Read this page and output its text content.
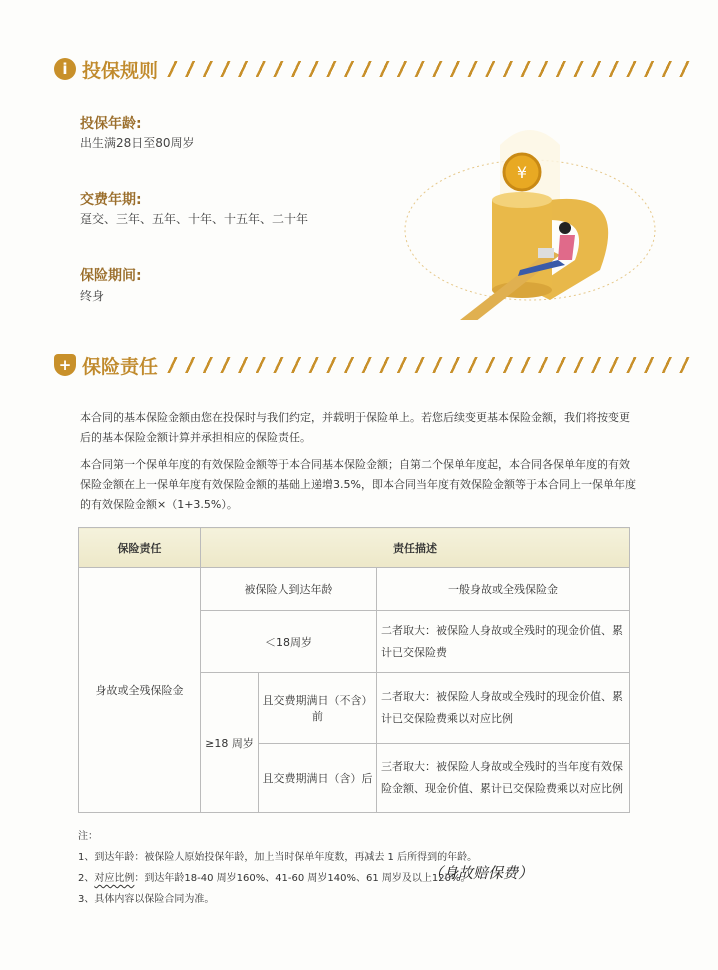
i 投保规则
投保年龄:
出生满28日至80周岁
交费年期:
趸交、三年、五年、十年、十五年、二十年
保险期间:
终身
¥
+ 保险责任
本合同的基本保险金额由您在投保时与我们约定，并载明于保险单上。若您后续变更基本保险金额，我们将按变更后的基本保险金额计算并承担相应的保险责任。
本合同第一个保单年度的有效保险金额等于本合同基本保险金额；自第二个保单年度起，本合同各保单年度的有效保险金额在上一保单年度有效保险金额的基础上递增3.5%，即本合同当年度有效保险金额等于本合同上一保单年度的有效保险金额×（1+3.5%）。
保险责任	责任描述		
身故或全残保险金	被保险人到达年龄		一般身故或全残保险金
	＜18周岁		二者取大：被保险人身故或全残时的现金价值、累计已交保险费
	≥18 周岁	且交费期满日（不含）前	二者取大：被保险人身故或全残时的现金价值、累计已交保险费乘以对应比例
		且交费期满日（含）后	三者取大：被保险人身故或全残时的当年度有效保险金额、现金价值、累计已交保险费乘以对应比例
注：
1、到达年龄：被保险人原始投保年龄，加上当时保单年度数，再减去 1 后所得到的年龄。
2、对应比例：到达年龄18-40 周岁160%、41-60 周岁140%、61 周岁及以上120%。
3、具体内容以保险合同为准。
（身故赔保费）
